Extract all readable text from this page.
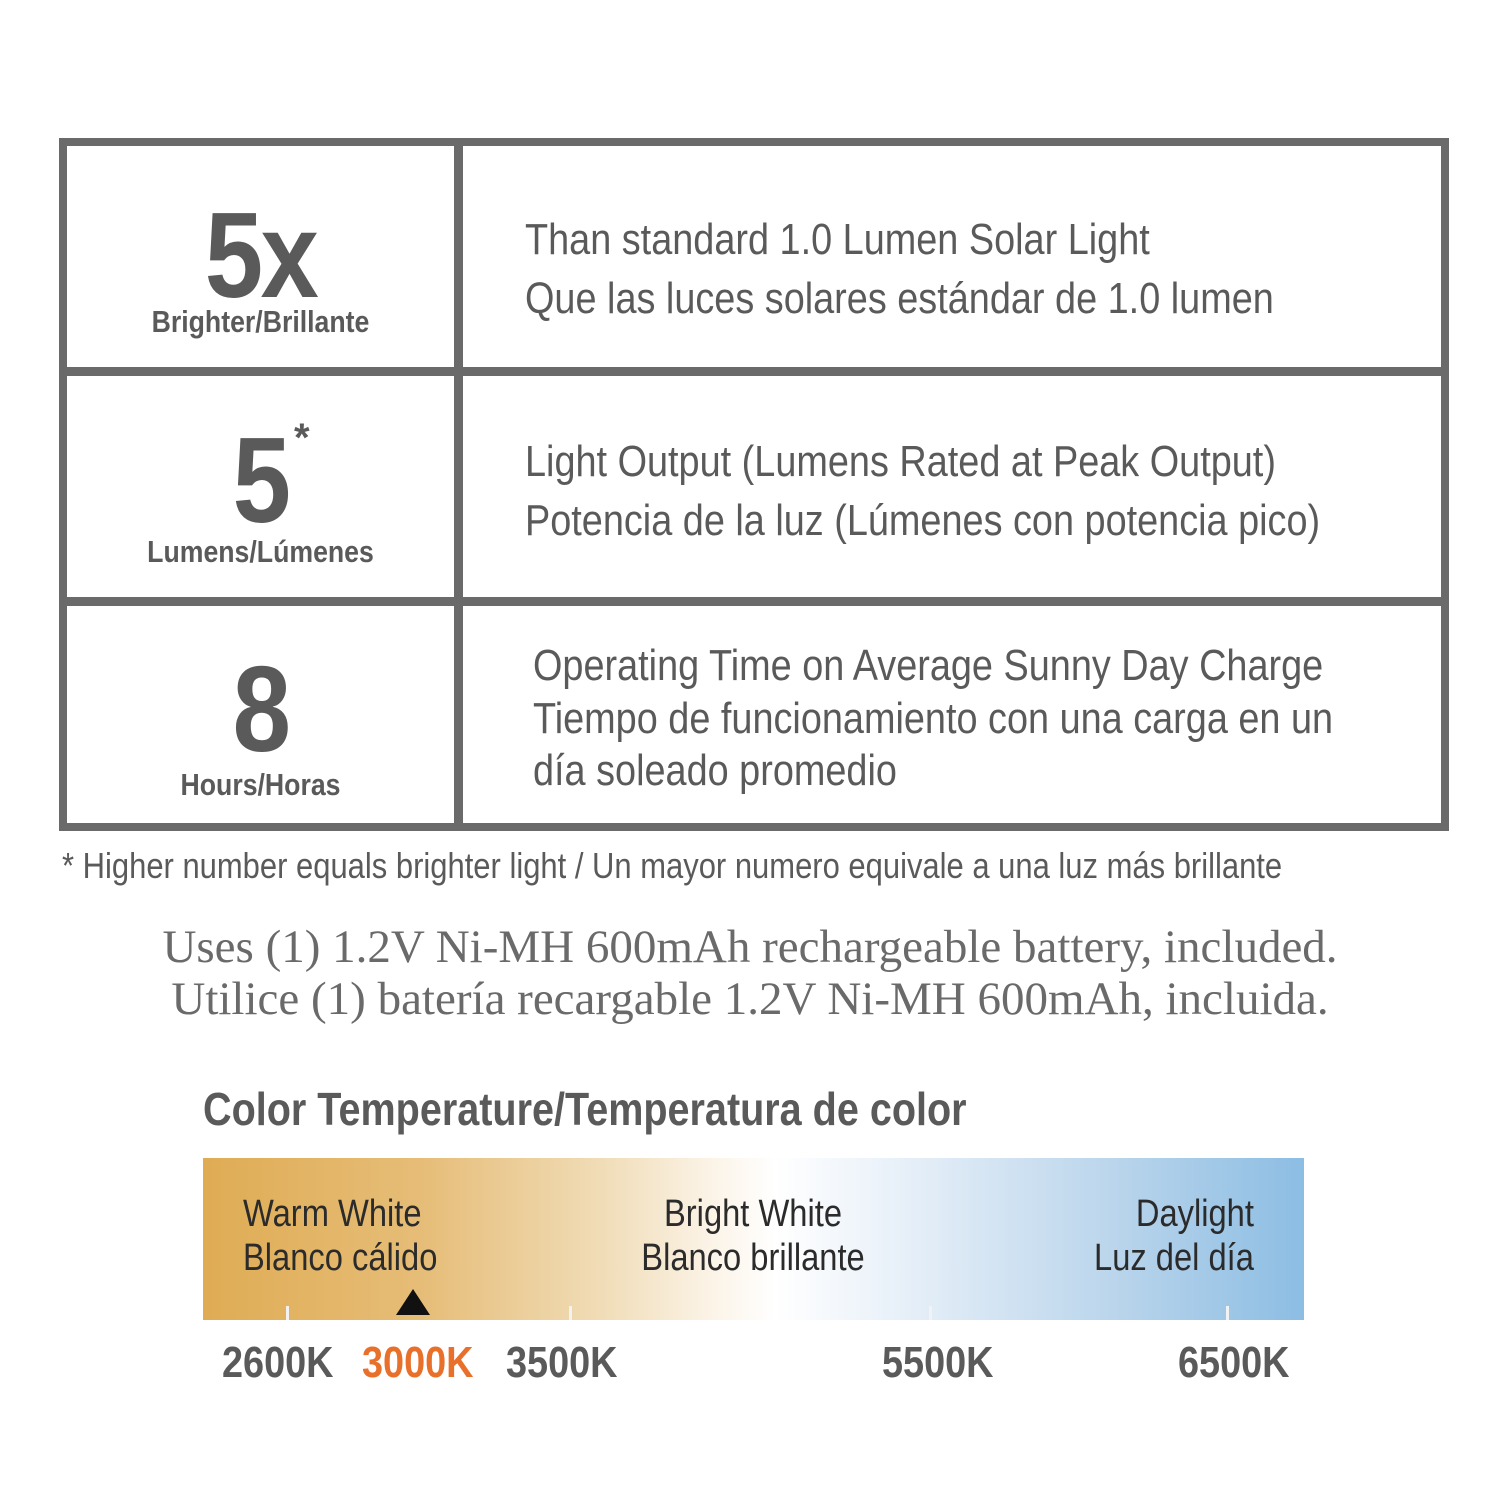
5x
Brighter/Brillante
Than standard 1.0 Lumen Solar Light
Que las luces solares estándar de 1.0 lumen
5 *
Lumens/Lúmenes
Light Output (Lumens Rated at Peak Output)
Potencia de la luz (Lúmenes con potencia pico)
8
Hours/Horas
Operating Time on Average Sunny Day Charge
Tiempo de funcionamiento con una carga en un
día soleado promedio
* Higher number equals brighter light / Un mayor numero equivale a una luz más brillante
Uses (1) 1.2V Ni-MH 600mAh rechargeable battery, included.
Utilice (1) batería recargable 1.2V Ni-MH 600mAh, incluida.
Color Temperature/Temperatura de color
Warm White
Blanco cálido
Bright White
Blanco brillante
Daylight
Luz del día
2600K 3000K 3500K	5500K	6500K
